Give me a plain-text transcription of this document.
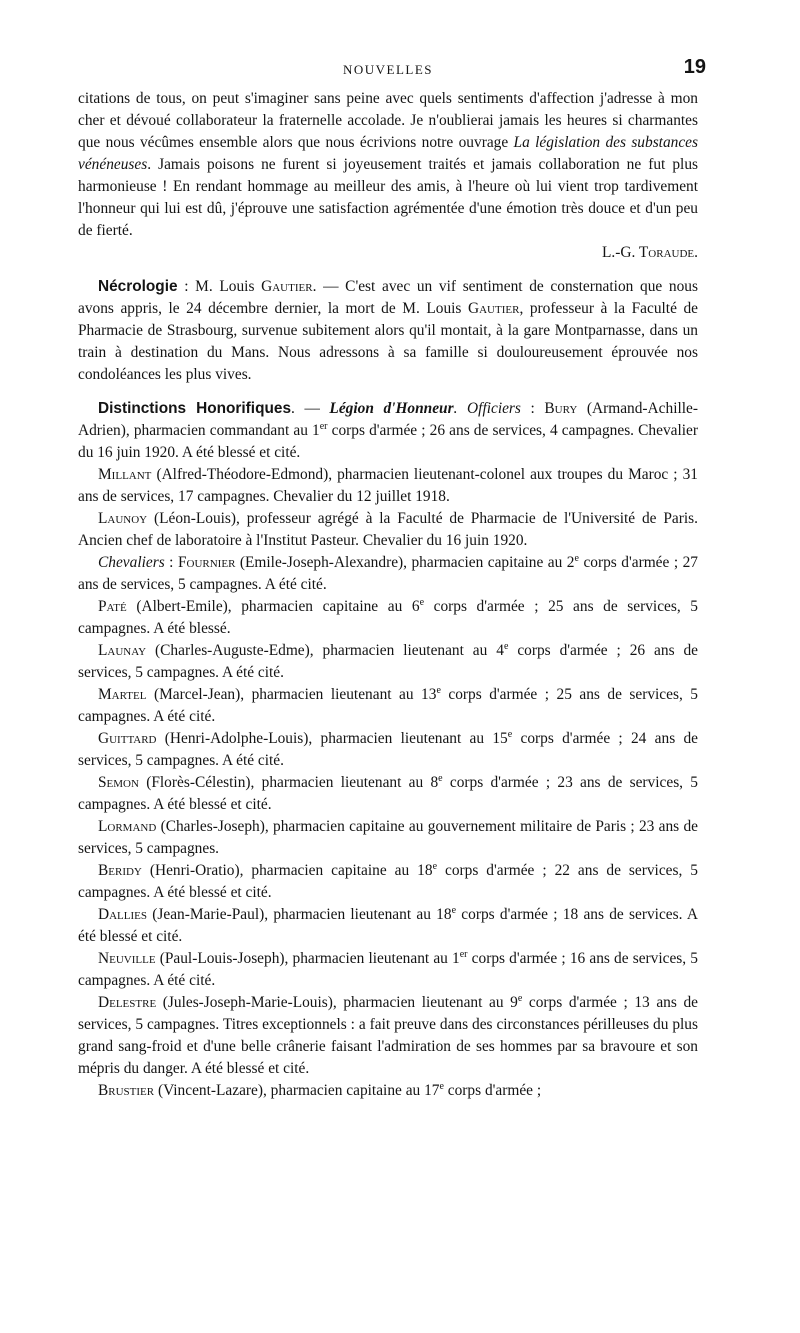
NOUVELLES	19

citations de tous, on peut s'imaginer sans peine avec quels sentiments d'affection j'adresse à mon cher et dévoué collaborateur la fraternelle accolade. Je n'oublierai jamais les heures si charmantes que nous vécûmes ensemble alors que nous écrivions notre ouvrage La législation des substances vénéneuses. Jamais poisons ne furent si joyeusement traités et jamais collaboration ne fut plus harmonieuse ! En rendant hommage au meilleur des amis, à l'heure où lui vient trop tardivement l'honneur qui lui est dû, j'éprouve une satisfaction agrémentée d'une émotion très douce et d'un peu de fierté.

L.-G. Toraude.

Nécrologie : M. Louis Gautier. — C'est avec un vif sentiment de consternation que nous avons appris, le 24 décembre dernier, la mort de M. Louis Gautier, professeur à la Faculté de Pharmacie de Strasbourg, survenue subitement alors qu'il montait, à la gare Montparnasse, dans un train à destination du Mans. Nous adressons à sa famille si douloureusement éprouvée nos condoléances les plus vives.

Distinctions Honorifiques. — Légion d'Honneur. Officiers : Bury (Armand-Achille-Adrien), pharmacien commandant au 1er corps d'armée ; 26 ans de services, 4 campagnes. Chevalier du 16 juin 1920. A été blessé et cité.

Millant (Alfred-Théodore-Edmond), pharmacien lieutenant-colonel aux troupes du Maroc ; 31 ans de services, 17 campagnes. Chevalier du 12 juillet 1918.

Launoy (Léon-Louis), professeur agrégé à la Faculté de Pharmacie de l'Université de Paris. Ancien chef de laboratoire à l'Institut Pasteur. Chevalier du 16 juin 1920.

Chevaliers : Fournier (Emile-Joseph-Alexandre), pharmacien capitaine au 2e corps d'armée ; 27 ans de services, 5 campagnes. A été cité.

Paté (Albert-Emile), pharmacien capitaine au 6e corps d'armée ; 25 ans de services, 5 campagnes. A été blessé.

Launay (Charles-Auguste-Edme), pharmacien lieutenant au 4e corps d'armée ; 26 ans de services, 5 campagnes. A été cité.

Martel (Marcel-Jean), pharmacien lieutenant au 13e corps d'armée ; 25 ans de services, 5 campagnes. A été cité.

Guittard (Henri-Adolphe-Louis), pharmacien lieutenant au 15e corps d'armée ; 24 ans de services, 5 campagnes. A été cité.

Semon (Florès-Célestin), pharmacien lieutenant au 8e corps d'armée ; 23 ans de services, 5 campagnes. A été blessé et cité.

Lormand (Charles-Joseph), pharmacien capitaine au gouvernement militaire de Paris ; 23 ans de services, 5 campagnes.

Beridy (Henri-Oratio), pharmacien capitaine au 18e corps d'armée ; 22 ans de services, 5 campagnes. A été blessé et cité.

Dallies (Jean-Marie-Paul), pharmacien lieutenant au 18e corps d'armée ; 18 ans de services. A été blessé et cité.

Neuville (Paul-Louis-Joseph), pharmacien lieutenant au 1er corps d'armée ; 16 ans de services, 5 campagnes. A été cité.

Delestre (Jules-Joseph-Marie-Louis), pharmacien lieutenant au 9e corps d'armée ; 13 ans de services, 5 campagnes. Titres exceptionnels : a fait preuve dans des circonstances périlleuses du plus grand sang-froid et d'une belle crânerie faisant l'admiration de ses hommes par sa bravoure et son mépris du danger. A été blessé et cité.

Brustier (Vincent-Lazare), pharmacien capitaine au 17e corps d'armée ;
